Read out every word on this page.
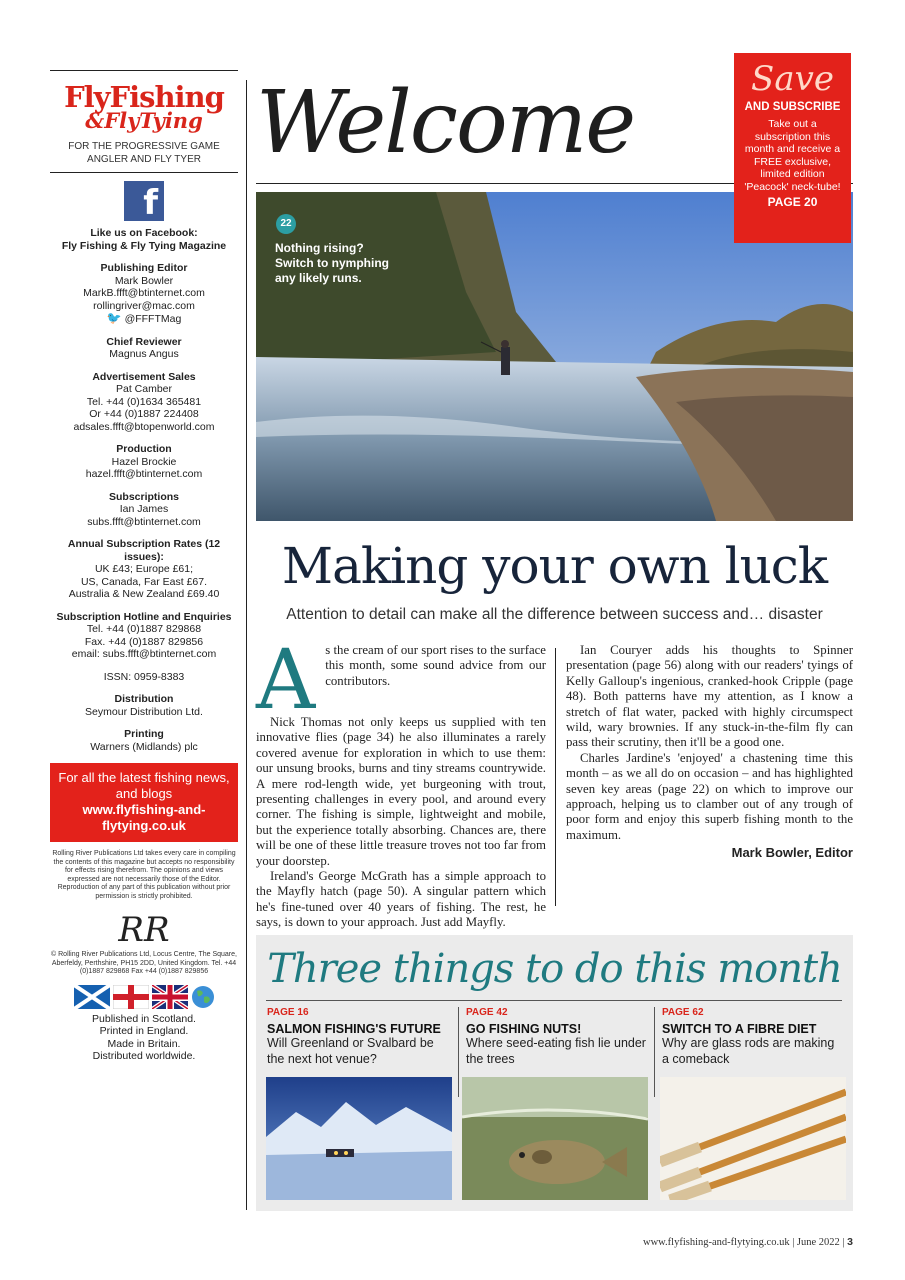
FlyFishing
&FlyTying
FOR THE PROGRESSIVE GAME ANGLER AND FLY TYER
f
Like us on Facebook:
Fly Fishing & Fly Tying Magazine
Publishing Editor
Mark Bowler
MarkB.ffft@btinternet.com
rollingriver@mac.com
🐦 @FFFTMag
Chief Reviewer
Magnus Angus
Advertisement Sales
Pat Camber
Tel. +44 (0)1634 365481
Or +44 (0)1887 224408
adsales.ffft@btopenworld.com
Production
Hazel Brockie
hazel.ffft@btinternet.com
Subscriptions
Ian James
subs.ffft@btinternet.com
Annual Subscription Rates (12 issues):
UK £43; Europe £61;
US, Canada, Far East £67.
Australia & New Zealand £69.40
Subscription Hotline and Enquiries
Tel. +44 (0)1887 829868
Fax. +44 (0)1887 829856
email: subs.ffft@btinternet.com
ISSN: 0959-8383
Distribution
Seymour Distribution Ltd.
Printing
Warners (Midlands) plc
For all the latest fishing news, and blogs
www.flyfishing-and-flytying.co.uk
Rolling River Publications Ltd takes every care in compiling the contents of this magazine but accepts no responsibility for effects rising therefrom. The opinions and views expressed are not necessarily those of the Editor. Reproduction of any part of this publication without prior permission is strictly prohibited.
RR
© Rolling River Publications Ltd, Locus Centre, The Square, Aberfeldy, Perthshire, PH15 2DD, United Kingdom. Tel. +44 (0)1887 829868 Fax +44 (0)1887 829856
Published in Scotland.
Printed in England.
Made in Britain.
Distributed worldwide.
Welcome
22
Nothing rising? Switch to nymphing any likely runs.
Save
AND SUBSCRIBE
Take out a subscription this month and receive a FREE exclusive, limited edition 'Peacock' neck-tube!
PAGE 20
Making your own luck
Attention to detail can make all the difference between success and… disaster
A s the cream of our sport rises to the surface this month, some sound advice from our contributors.

Nick Thomas not only keeps us supplied with ten innovative flies (page 34) he also illuminates a rarely covered avenue for exploration in which to use them: our unsung brooks, burns and tiny streams countrywide. A mere rod-length wide, yet burgeoning with trout, presenting challenges in every pool, and around every corner. The fishing is simple, lightweight and mobile, but the experience totally absorbing. Chances are, there will be one of these little treasure troves not too far from your doorstep.

Ireland's George McGrath has a simple approach to the Mayfly hatch (page 50). A singular pattern which he's fine-tuned over 40 years of fishing. The rest, he says, is down to your approach. Just add Mayfly.

Ian Couryer adds his thoughts to Spinner presentation (page 56) along with our readers' tyings of Kelly Galloup's ingenious, cranked-hook Cripple (page 48). Both patterns have my attention, as I know a stretch of flat water, packed with highly circumspect wild, wary brownies. If any stuck-in-the-film fly can pass their scrutiny, then it'll be a good one.

Charles Jardine's 'enjoyed' a chastening time this month – as we all do on occasion – and has highlighted seven key areas (page 22) on which to improve our approach, helping us to clamber out of any trough of poor form and enjoy this superb fishing month to the maximum.

Mark Bowler, Editor
Three things to do this month
PAGE 16
SALMON FISHING'S FUTURE
Will Greenland or Svalbard be the next hot venue?
PAGE 42
GO FISHING NUTS!
Where seed-eating fish lie under the trees
PAGE 62
SWITCH TO A FIBRE DIET
Why are glass rods are making a comeback
www.flyfishing-and-flytying.co.uk | June 2022 | 3
